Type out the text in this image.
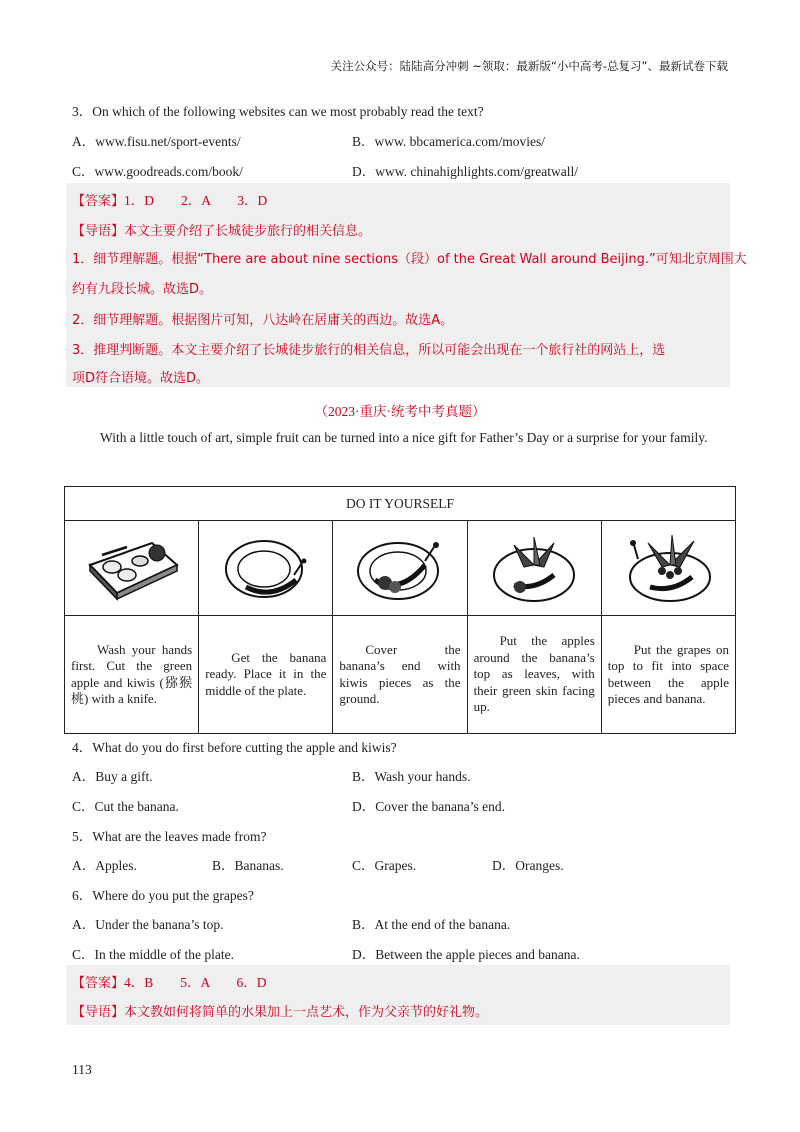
关注公众号：陆陆高分冲刺 ~领取：最新版“小中高考-总复习”、最新试卷下载
3．On which of the following websites can we most probably read the text?
A．www.fisu.net/sport-events/	B．www. bbcamerica.com/movies/
C．www.goodreads.com/book/	D．www. chinahighlights.com/greatwall/
【答案】1．D　　2．A　　3．D
【导语】本文主要介绍了长城徒步旅行的相关信息。
1．细节理解题。根据“There are about nine sections（段）of the Great Wall around Beijing.”可知北京周围大
约有九段长城。故选D。
2．细节理解题。根据图片可知，八达岭在居庸关的西边。故选A。
3．推理判断题。本文主要介绍了长城徒步旅行的相关信息，所以可能会出现在一个旅行社的网站上，选
项D符合语境。故选D。
（2023·重庆·统考中考真题）
With a little touch of art, simple fruit can be turned into a nice gift for Father’s Day or a surprise for your family.
DO IT YOURSELF				

Wash your hands first. Cut the green apple and kiwis (猕猴桃) with a knife.	Get the banana ready. Place it in the middle of the plate.	Cover the banana’s end with kiwis pieces as the ground.	Put the apples around the banana’s top as leaves, with their green skin facing up.	Put the grapes on top to fit into space between the apple pieces and banana.
4．What do you do first before cutting the apple and kiwis?
A．Buy a gift.	B．Wash your hands.
C．Cut the banana.	D．Cover the banana’s end.
5．What are the leaves made from?
A．Apples.	B．Bananas.	C．Grapes.	D．Oranges.
6．Where do you put the grapes?
A．Under the banana’s top.	B．At the end of the banana.
C．In the middle of the plate.	D．Between the apple pieces and banana.
【答案】4．B　　5．A　　6．D
【导语】本文教如何将简单的水果加上一点艺术，作为父亲节的好礼物。
113
